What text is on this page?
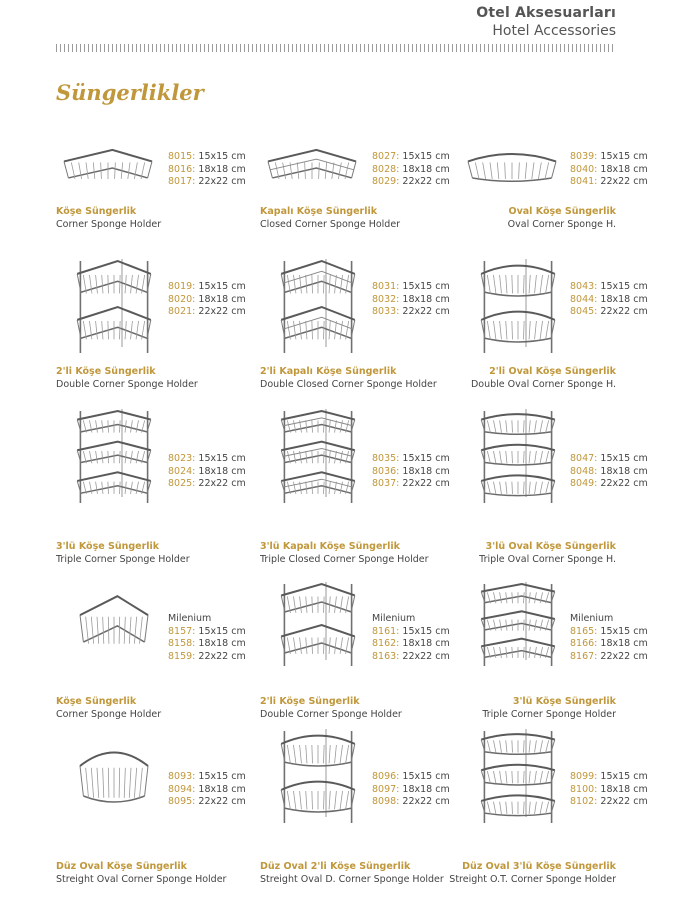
Otel Aksesuarları
Hotel Accessories
Süngerlikler
8015: 15x15 cm
8016: 18x18 cm
8017: 22x22 cm
Köşe Süngerlik
Corner Sponge Holder
8027: 15x15 cm
8028: 18x18 cm
8029: 22x22 cm
Kapalı Köşe Süngerlik
Closed Corner Sponge Holder
8039: 15x15 cm
8040: 18x18 cm
8041: 22x22 cm
Oval Köşe Süngerlik
Oval Corner Sponge H.
8019: 15x15 cm
8020: 18x18 cm
8021: 22x22 cm
2'li Köşe Süngerlik
Double Corner Sponge Holder
8031: 15x15 cm
8032: 18x18 cm
8033: 22x22 cm
2'li Kapalı Köşe Süngerlik
Double Closed Corner Sponge Holder
8043: 15x15 cm
8044: 18x18 cm
8045: 22x22 cm
2'li Oval Köşe Süngerlik
Double Oval Corner Sponge H.
8023: 15x15 cm
8024: 18x18 cm
8025: 22x22 cm
3'lü Köşe Süngerlik
Triple Corner Sponge Holder
8035: 15x15 cm
8036: 18x18 cm
8037: 22x22 cm
3'lü Kapalı Köşe Süngerlik
Triple Closed Corner Sponge Holder
8047: 15x15 cm
8048: 18x18 cm
8049: 22x22 cm
3'lü Oval Köşe Süngerlik
Triple Oval Corner Sponge H.
Milenium
8157: 15x15 cm
8158: 18x18 cm
8159: 22x22 cm
Köşe Süngerlik
Corner Sponge Holder
Milenium
8161: 15x15 cm
8162: 18x18 cm
8163: 22x22 cm
2'li Köşe Süngerlik
Double Corner Sponge Holder
Milenium
8165: 15x15 cm
8166: 18x18 cm
8167: 22x22 cm
3'lü Köşe Süngerlik
Triple Corner Sponge Holder
8093: 15x15 cm
8094: 18x18 cm
8095: 22x22 cm
Düz Oval Köşe Süngerlik
Streight Oval Corner Sponge Holder
8096: 15x15 cm
8097: 18x18 cm
8098: 22x22 cm
Düz Oval 2'li Köşe Süngerlik
Streight Oval D. Corner Sponge Holder
8099: 15x15 cm
8100: 18x18 cm
8102: 22x22 cm
Düz Oval 3'lü Köşe Süngerlik
Streight O.T. Corner Sponge Holder
